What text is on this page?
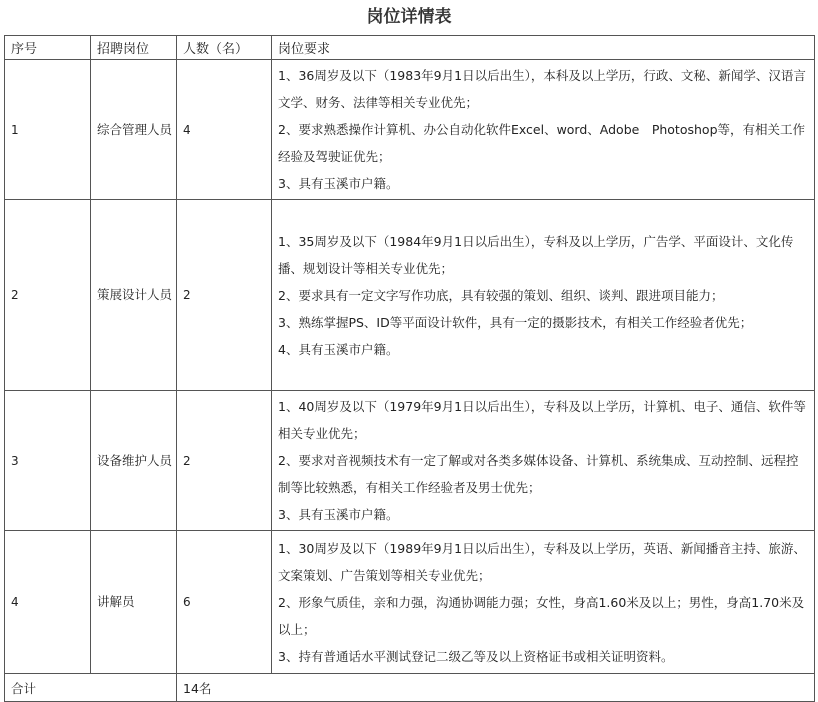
岗位详情表
序号	招聘岗位	人数（名）	岗位要求
1	综合管理人员	4	1、36周岁及以下（1983年9月1日以后出生），本科及以上学历，行政、文秘、新闻学、汉语言文学、财务、法律等相关专业优先；
2、要求熟悉操作计算机、办公自动化软件Excel、word、Adobe　Photoshop等，有相关工作经验及驾驶证优先；
3、具有玉溪市户籍。

2	策展设计人员	2	1、35周岁及以下（1984年9月1日以后出生），专科及以上学历，广告学、平面设计、文化传播、规划设计等相关专业优先；
2、要求具有一定文字写作功底，具有较强的策划、组织、谈判、跟进项目能力；
3、熟练掌握PS、ID等平面设计软件，具有一定的摄影技术，有相关工作经验者优先；
4、具有玉溪市户籍。

3	设备维护人员	2	1、40周岁及以下（1979年9月1日以后出生），专科及以上学历，计算机、电子、通信、软件等相关专业优先；
2、要求对音视频技术有一定了解或对各类多媒体设备、计算机、系统集成、互动控制、远程控制等比较熟悉，有相关工作经验者及男士优先；
3、具有玉溪市户籍。

4	讲解员	6	1、30周岁及以下（1989年9月1日以后出生），专科及以上学历，英语、新闻播音主持、旅游、文案策划、广告策划等相关专业优先；
2、形象气质佳，亲和力强，沟通协调能力强；女性，身高1.60米及以上；男性，身高1.70米及以上；
3、持有普通话水平测试登记二级乙等及以上资格证书或相关证明资料。

合计		14名	
